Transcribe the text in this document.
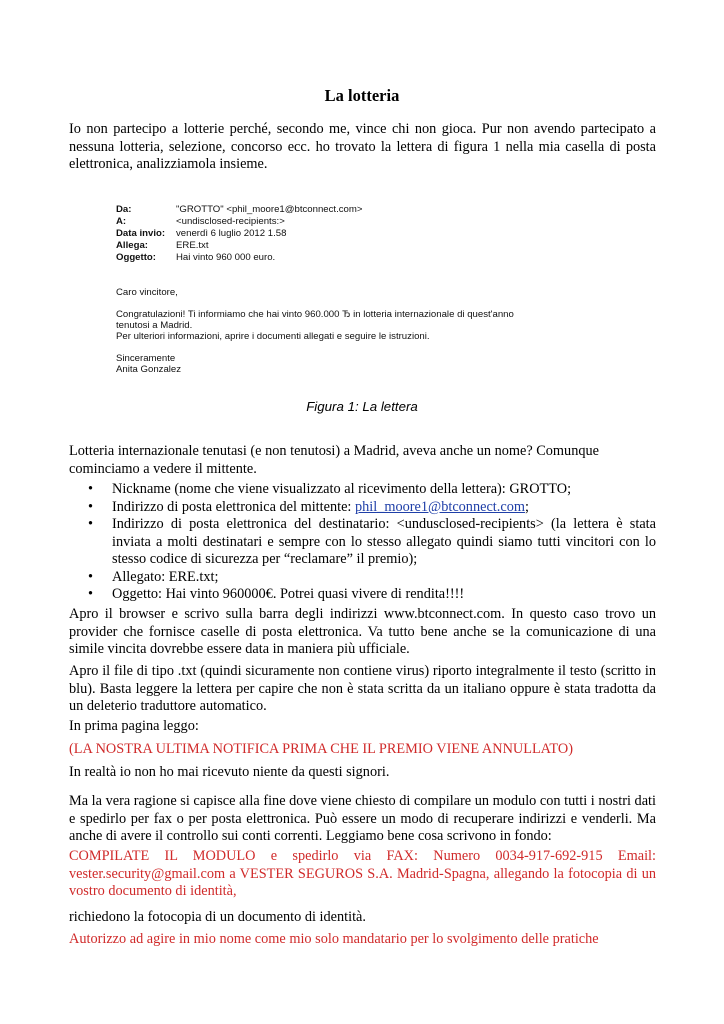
La lotteria
Io non partecipo a lotterie perché, secondo me, vince chi non gioca. Pur non avendo partecipato a nessuna lotteria, selezione, concorso ecc. ho trovato la lettera di figura 1 nella mia casella di posta elettronica, analizziamola insieme.
Da:	"GROTTO" <phil_moore1@btconnect.com>
A:	<undisclosed-recipients:>
Data invio: venerdì 6 luglio 2012 1.58
Allega:	ERE.txt
Oggetto: Hai vinto 960 000 euro.
Caro vincitore,
Congratulazioni! Ti informiamo che hai vinto 960.000 Ђ in lotteria internazionale di quest'anno
tenutosi a Madrid.
Per ulteriori informazioni, aprire i documenti allegati e seguire le istruzioni.
Sinceramente
Anita Gonzalez
Figura 1: La lettera
Lotteria internazionale tenutasi (e non tenutosi) a Madrid, aveva anche un nome? Comunque cominciamo a vedere il mittente.
• Nickname (nome che viene visualizzato al ricevimento della lettera): GROTTO;
• Indirizzo di posta elettronica del mittente: phil_moore1@btconnect.com;
• Indirizzo di posta elettronica del destinatario: <undusclosed-recipients> (la lettera è stata inviata a molti destinatari e sempre con lo stesso allegato quindi siamo tutti vincitori con lo stesso codice di sicurezza per “reclamare” il premio);
• Allegato: ERE.txt;
• Oggetto: Hai vinto 960000€. Potrei quasi vivere di rendita!!!!
Apro il browser e scrivo sulla barra degli indirizzi www.btconnect.com. In questo caso trovo un provider che fornisce caselle di posta elettronica. Va tutto bene anche se la comunicazione di una simile vincita dovrebbe essere data in maniera più ufficiale.
Apro il file di tipo .txt (quindi sicuramente non contiene virus) riporto integralmente il testo (scritto in blu). Basta leggere la lettera per capire che non è stata scritta da un italiano oppure è stata tradotta da un deleterio traduttore automatico.
In prima pagina leggo:
(LA NOSTRA ULTIMA NOTIFICA PRIMA CHE IL PREMIO VIENE ANNULLATO)
In realtà io non ho mai ricevuto niente da questi signori.
Ma la vera ragione si capisce alla fine dove viene chiesto di compilare un modulo con tutti i nostri dati e spedirlo per fax o per posta elettronica. Può essere un modo di recuperare indirizzi e venderli. Ma anche di avere il controllo sui conti correnti. Leggiamo bene cosa scrivono in fondo:
COMPILATE IL MODULO e spedirlo via FAX: Numero 0034-917-692-915 Email: vester.security@gmail.com a VESTER SEGUROS S.A. Madrid-Spagna, allegando la fotocopia di un vostro documento di identità,
richiedono la fotocopia di un documento di identità.
Autorizzo ad agire in mio nome come mio solo mandatario per lo svolgimento delle pratiche
